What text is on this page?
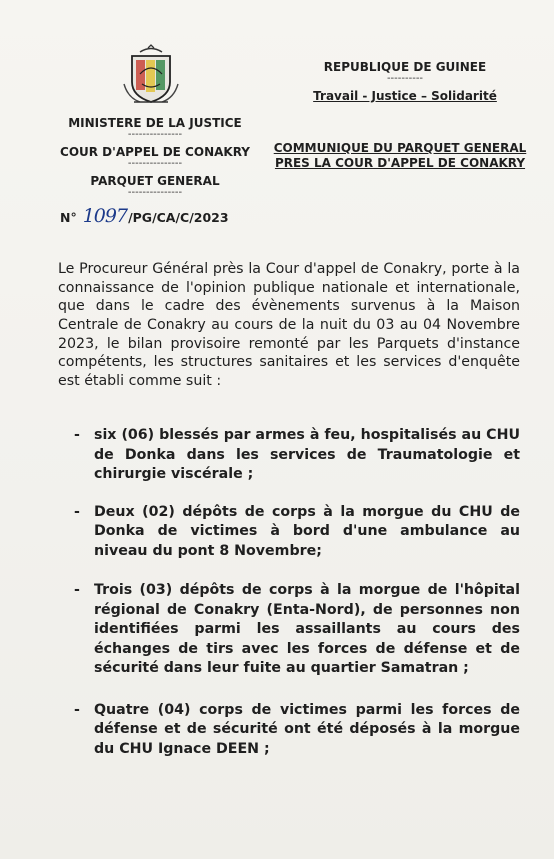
MINISTERE DE LA JUSTICE
---------------
COUR D'APPEL DE CONAKRY
---------------
PARQUET GENERAL
---------------
N° 1097 /PG/CA/C/2023
REPUBLIQUE DE GUINEE
----------
Travail - Justice – Solidarité
COMMUNIQUE DU PARQUET GENERAL
PRES LA COUR D'APPEL DE CONAKRY

Le Procureur Général près la Cour d'appel de Conakry, porte à la connaissance de l'opinion publique nationale et internationale, que dans le cadre des évènements survenus à la Maison Centrale de Conakry au cours de la nuit du 03 au 04 Novembre 2023, le bilan provisoire remonté par les Parquets d'instance compétents, les structures sanitaires et les services d'enquête est établi comme suit :

- six (06) blessés par armes à feu, hospitalisés au CHU de Donka dans les services de Traumatologie et chirurgie viscérale ;
- Deux (02) dépôts de corps à la morgue du CHU de Donka de victimes à bord d'une ambulance au niveau du pont 8 Novembre;
- Trois (03) dépôts de corps à la morgue de l'hôpital régional de Conakry (Enta-Nord), de personnes non identifiées parmi les assaillants au cours des échanges de tirs avec les forces de défense et de sécurité dans leur fuite au quartier Samatran ;
- Quatre (04) corps de victimes parmi les forces de défense et de sécurité ont été déposés à la morgue du CHU Ignace DEEN ;
